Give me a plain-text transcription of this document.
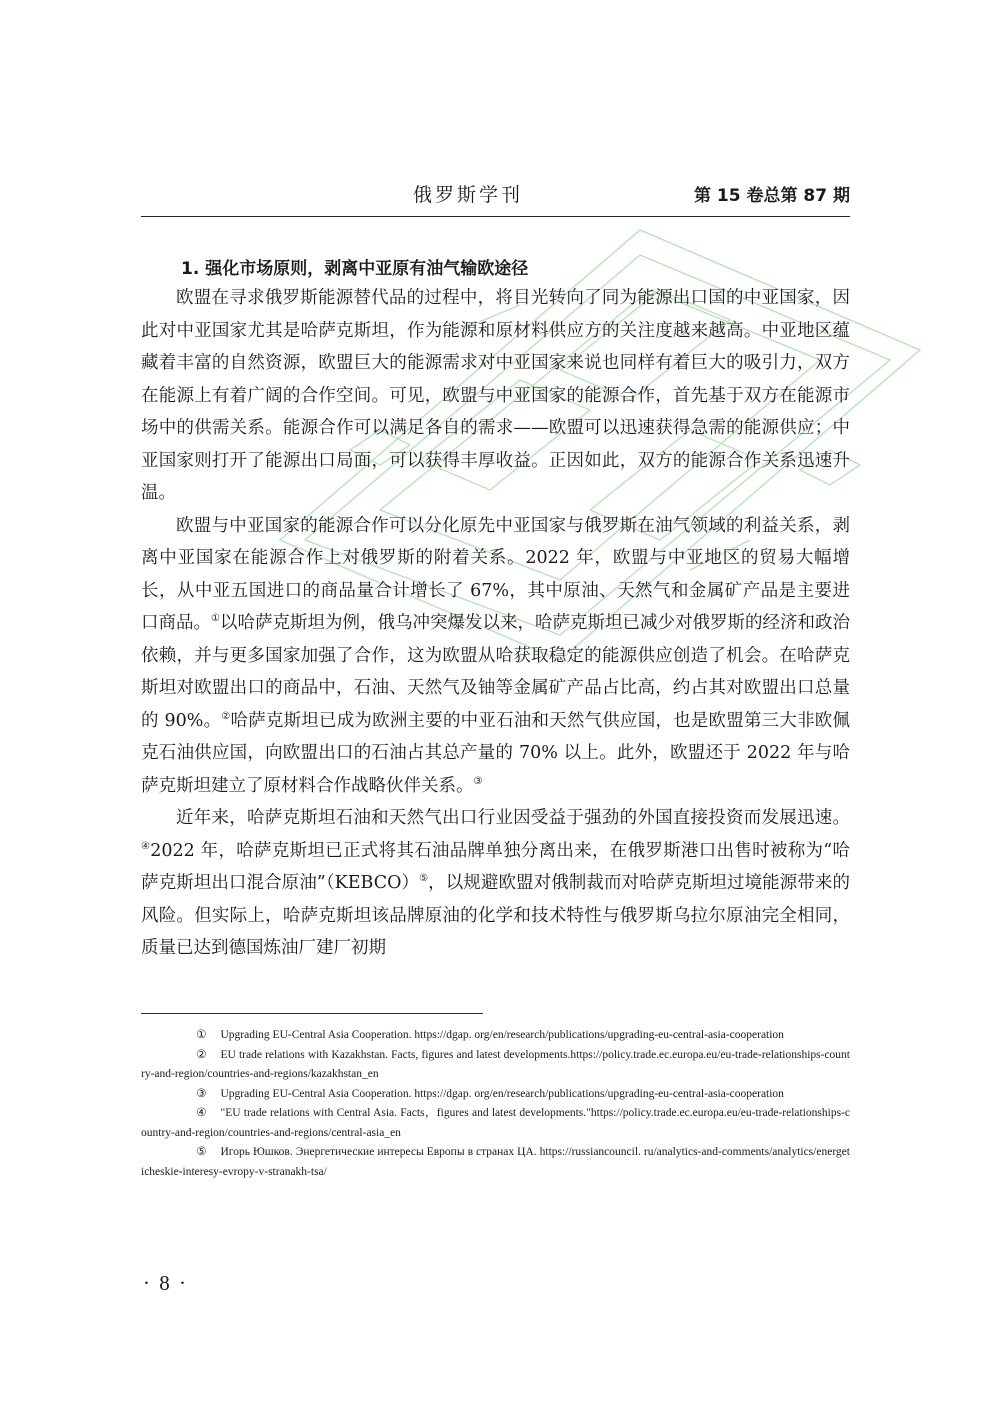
俄罗斯学刊	第 15 卷总第 87 期
1. 强化市场原则，剥离中亚原有油气输欧途径

欧盟在寻求俄罗斯能源替代品的过程中，将目光转向了同为能源出口国的中亚国家，因此对中亚国家尤其是哈萨克斯坦，作为能源和原材料供应方的关注度越来越高。中亚地区蕴藏着丰富的自然资源，欧盟巨大的能源需求对中亚国家来说也同样有着巨大的吸引力，双方在能源上有着广阔的合作空间。可见，欧盟与中亚国家的能源合作，首先基于双方在能源市场中的供需关系。能源合作可以满足各自的需求——欧盟可以迅速获得急需的能源供应；中亚国家则打开了能源出口局面，可以获得丰厚收益。正因如此，双方的能源合作关系迅速升温。

欧盟与中亚国家的能源合作可以分化原先中亚国家与俄罗斯在油气领域的利益关系，剥离中亚国家在能源合作上对俄罗斯的附着关系。2022 年，欧盟与中亚地区的贸易大幅增长，从中亚五国进口的商品量合计增长了 67%，其中原油、天然气和金属矿产品是主要进口商品。①以哈萨克斯坦为例，俄乌冲突爆发以来，哈萨克斯坦已减少对俄罗斯的经济和政治依赖，并与更多国家加强了合作，这为欧盟从哈获取稳定的能源供应创造了机会。在哈萨克斯坦对欧盟出口的商品中，石油、天然气及铀等金属矿产品占比高，约占其对欧盟出口总量的 90%。②哈萨克斯坦已成为欧洲主要的中亚石油和天然气供应国，也是欧盟第三大非欧佩克石油供应国，向欧盟出口的石油占其总产量的 70% 以上。此外，欧盟还于 2022 年与哈萨克斯坦建立了原材料合作战略伙伴关系。③

近年来，哈萨克斯坦石油和天然气出口行业因受益于强劲的外国直接投资而发展迅速。④2022 年，哈萨克斯坦已正式将其石油品牌单独分离出来，在俄罗斯港口出售时被称为“哈萨克斯坦出口混合原油”（KEBCO）⑤，以规避欧盟对俄制裁而对哈萨克斯坦过境能源带来的风险。但实际上，哈萨克斯坦该品牌原油的化学和技术特性与俄罗斯乌拉尔原油完全相同，质量已达到德国炼油厂建厂初期

① Upgrading EU-Central Asia Cooperation. https://dgap. org/en/research/publications/upgrading-eu-central-asia-cooperation

② EU trade relations with Kazakhstan. Facts, figures and latest developments.https://policy.trade.ec.europa.eu/eu-trade-relationships-country-and-region/countries-and-regions/kazakhstan_en

③ Upgrading EU-Central Asia Cooperation. https://dgap. org/en/research/publications/upgrading-eu-central-asia-cooperation

④ "EU trade relations with Central Asia. Facts，figures and latest developments."https://policy.trade.ec.europa.eu/eu-trade-relationships-country-and-region/countries-and-regions/central-asia_en

⑤ Игорь Юшков. Энергетические интересы Европы в странах ЦА. https://russiancouncil. ru/analytics-and-comments/analytics/energeticheskie-interesy-evropy-v-stranakh-tsa/

· 8 ·
